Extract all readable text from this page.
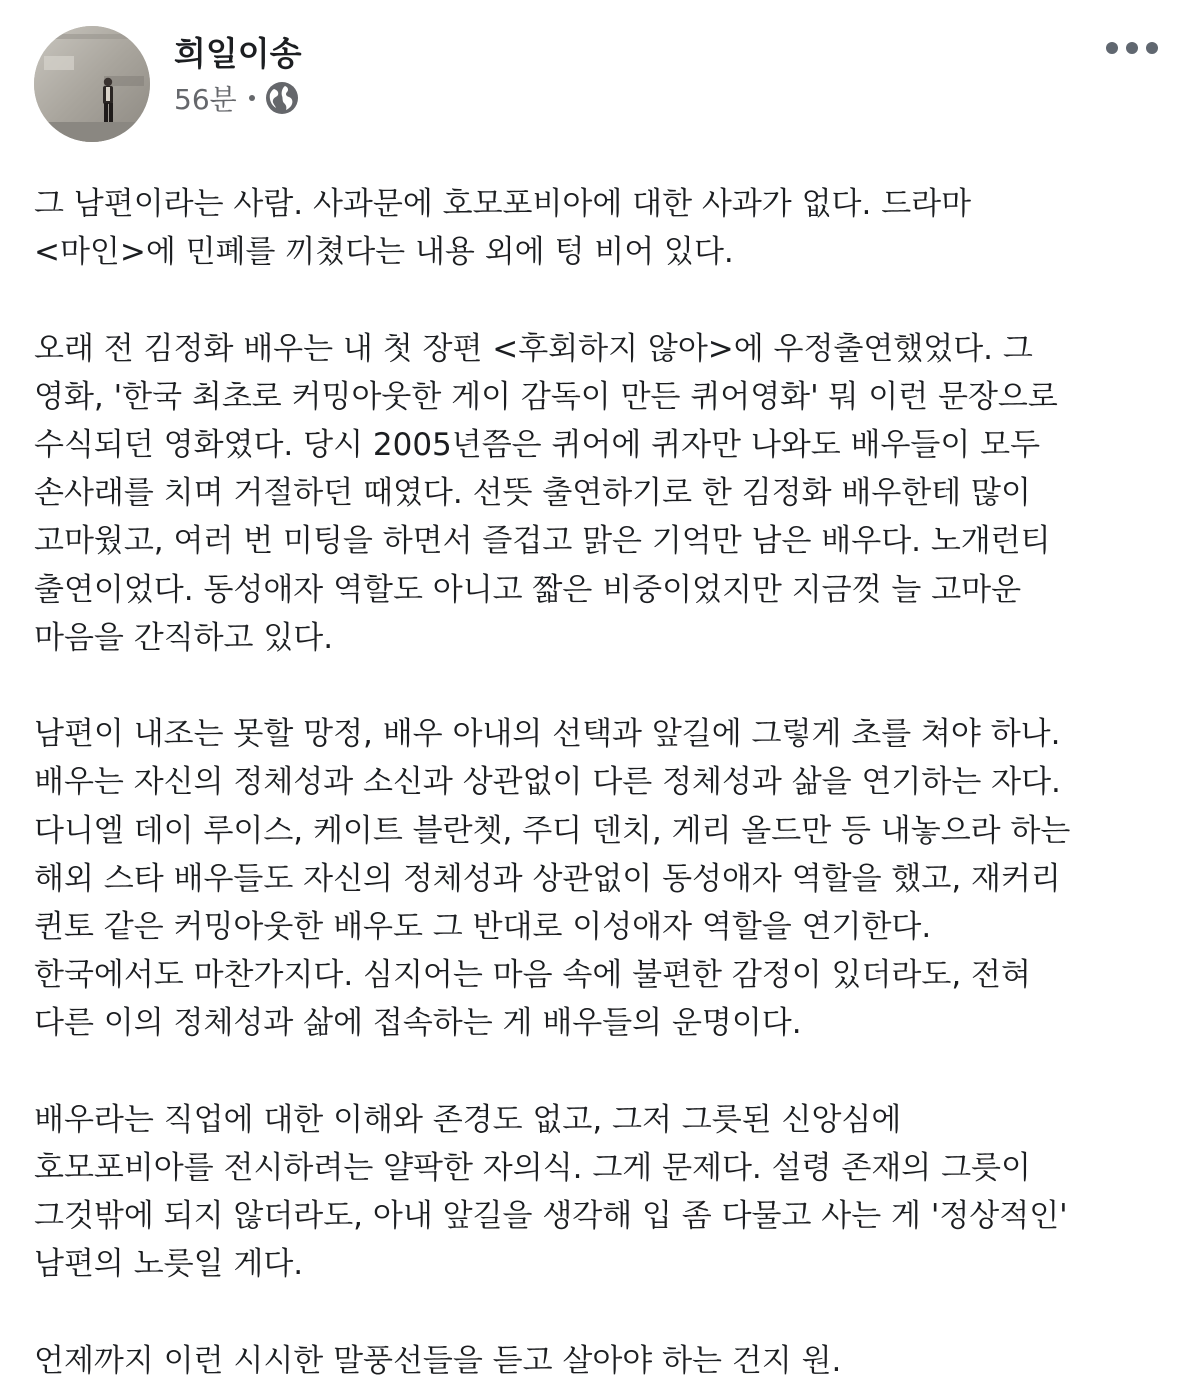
희일이송
56분
그 남편이라는 사람. 사과문에 호모포비아에 대한 사과가 없다. 드라마
<마인>에 민폐를 끼쳤다는 내용 외에 텅 비어 있다.
오래 전 김정화 배우는 내 첫 장편 <후회하지 않아>에 우정출연했었다. 그
영화, '한국 최초로 커밍아웃한 게이 감독이 만든 퀴어영화' 뭐 이런 문장으로
수식되던 영화였다. 당시 2005년쯤은 퀴어에 퀴자만 나와도 배우들이 모두
손사래를 치며 거절하던 때였다. 선뜻 출연하기로 한 김정화 배우한테 많이
고마웠고, 여러 번 미팅을 하면서 즐겁고 맑은 기억만 남은 배우다. 노개런티
출연이었다. 동성애자 역할도 아니고 짧은 비중이었지만 지금껏 늘 고마운
마음을 간직하고 있다.
남편이 내조는 못할 망정, 배우 아내의 선택과 앞길에 그렇게 초를 쳐야 하나.
배우는 자신의 정체성과 소신과 상관없이 다른 정체성과 삶을 연기하는 자다.
다니엘 데이 루이스, 케이트 블란쳇, 주디 덴치, 게리 올드만 등 내놓으라 하는
해외 스타 배우들도 자신의 정체성과 상관없이 동성애자 역할을 했고, 재커리
퀸토 같은 커밍아웃한 배우도 그 반대로 이성애자 역할을 연기한다.
한국에서도 마찬가지다. 심지어는 마음 속에 불편한 감정이 있더라도, 전혀
다른 이의 정체성과 삶에 접속하는 게 배우들의 운명이다.
배우라는 직업에 대한 이해와 존경도 없고, 그저 그릇된 신앙심에
호모포비아를 전시하려는 얄팍한 자의식. 그게 문제다. 설령 존재의 그릇이
그것밖에 되지 않더라도, 아내 앞길을 생각해 입 좀 다물고 사는 게 '정상적인'
남편의 노릇일 게다.
언제까지 이런 시시한 말풍선들을 듣고 살아야 하는 건지 원.
